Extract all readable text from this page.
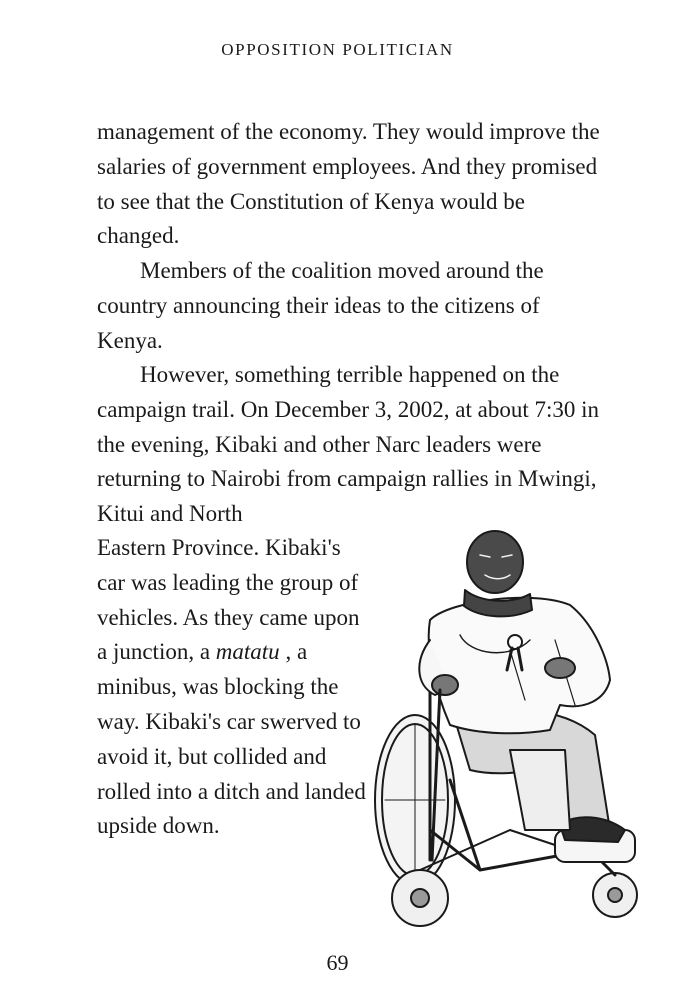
OPPOSITION POLITICIAN

management of the economy. They would improve the salaries of government employees. And they promised to see that the Constitution of Kenya would be changed.

Members of the coalition moved around the country announcing their ideas to the citizens of Kenya.

However, something terrible happened on the campaign trail. On December 3, 2002, at about 7:30 in the evening, Kibaki and other Narc leaders were returning to Nairobi from campaign rallies in Mwingi, Kitui and North

Eastern Province. Kibaki's car was leading the group of vehicles. As they came upon a junction, a matatu , a minibus, was blocking the way. Kibaki's car swerved to avoid it, but collided and rolled into a ditch and landed upside down.

69
